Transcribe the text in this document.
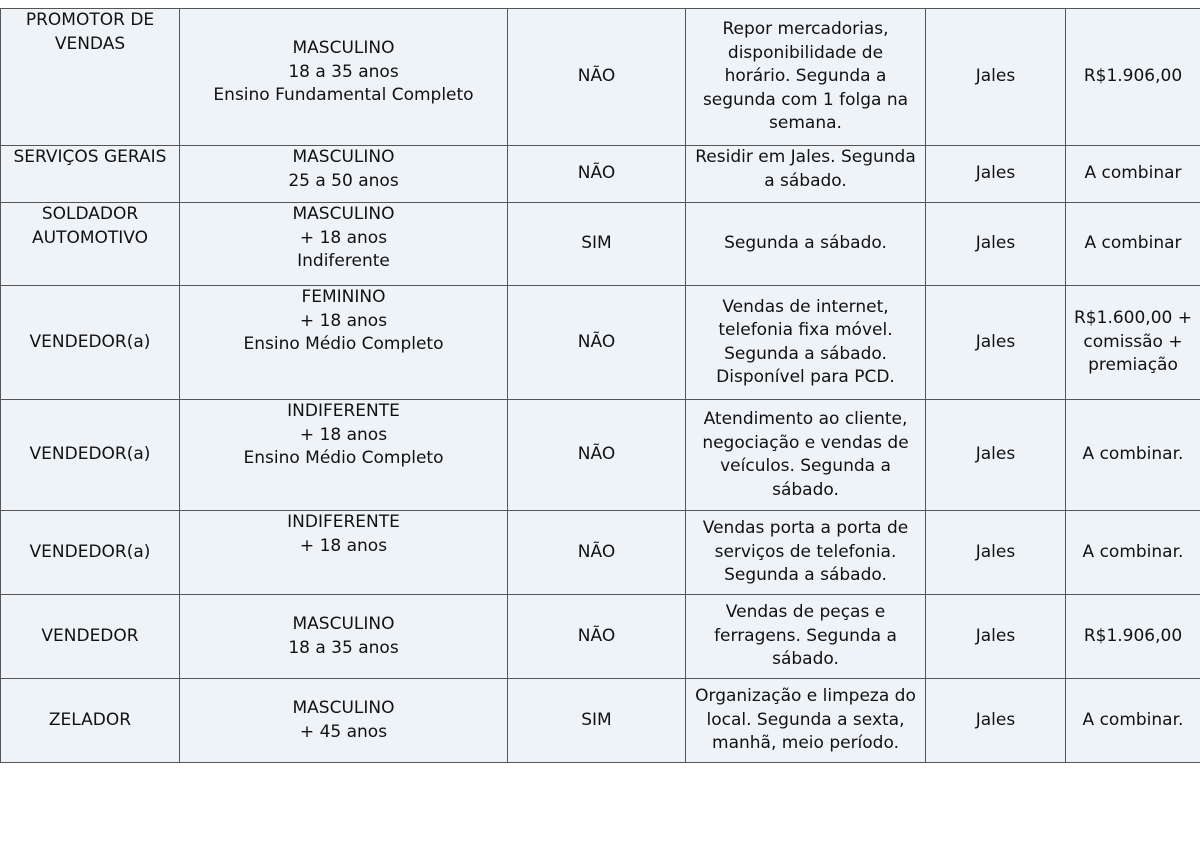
PROMOTOR DE
VENDAS	MASCULINO
18 a 35 anos
Ensino Fundamental Completo	NÃO	Repor mercadorias,
disponibilidade de
horário. Segunda a
segunda com 1 folga na
semana.	Jales	R$1.906,00

SERVIÇOS GERAIS	MASCULINO
25 a 50 anos	NÃO	Residir em Jales. Segunda
a sábado.	Jales	A combinar

SOLDADOR
AUTOMOTIVO	MASCULINO
+ 18 anos
Indiferente	SIM	Segunda a sábado.	Jales	A combinar

VENDEDOR(a)	FEMININO
+ 18 anos
Ensino Médio Completo	NÃO	Vendas de internet,
telefonia fixa móvel.
Segunda a sábado.
Disponível para PCD.	Jales	R$1.600,00 +
comissão +
premiação

VENDEDOR(a)	INDIFERENTE
+ 18 anos
Ensino Médio Completo	NÃO	Atendimento ao cliente,
negociação e vendas de
veículos. Segunda a
sábado.	Jales	A combinar.

VENDEDOR(a)	INDIFERENTE
+ 18 anos	NÃO	Vendas porta a porta de
serviços de telefonia.
Segunda a sábado.	Jales	A combinar.

VENDEDOR	MASCULINO
18 a 35 anos	NÃO	Vendas de peças e
ferragens. Segunda a
sábado.	Jales	R$1.906,00

ZELADOR	MASCULINO
+ 45 anos	SIM	Organização e limpeza do
local. Segunda a sexta,
manhã, meio período.	Jales	A combinar.
